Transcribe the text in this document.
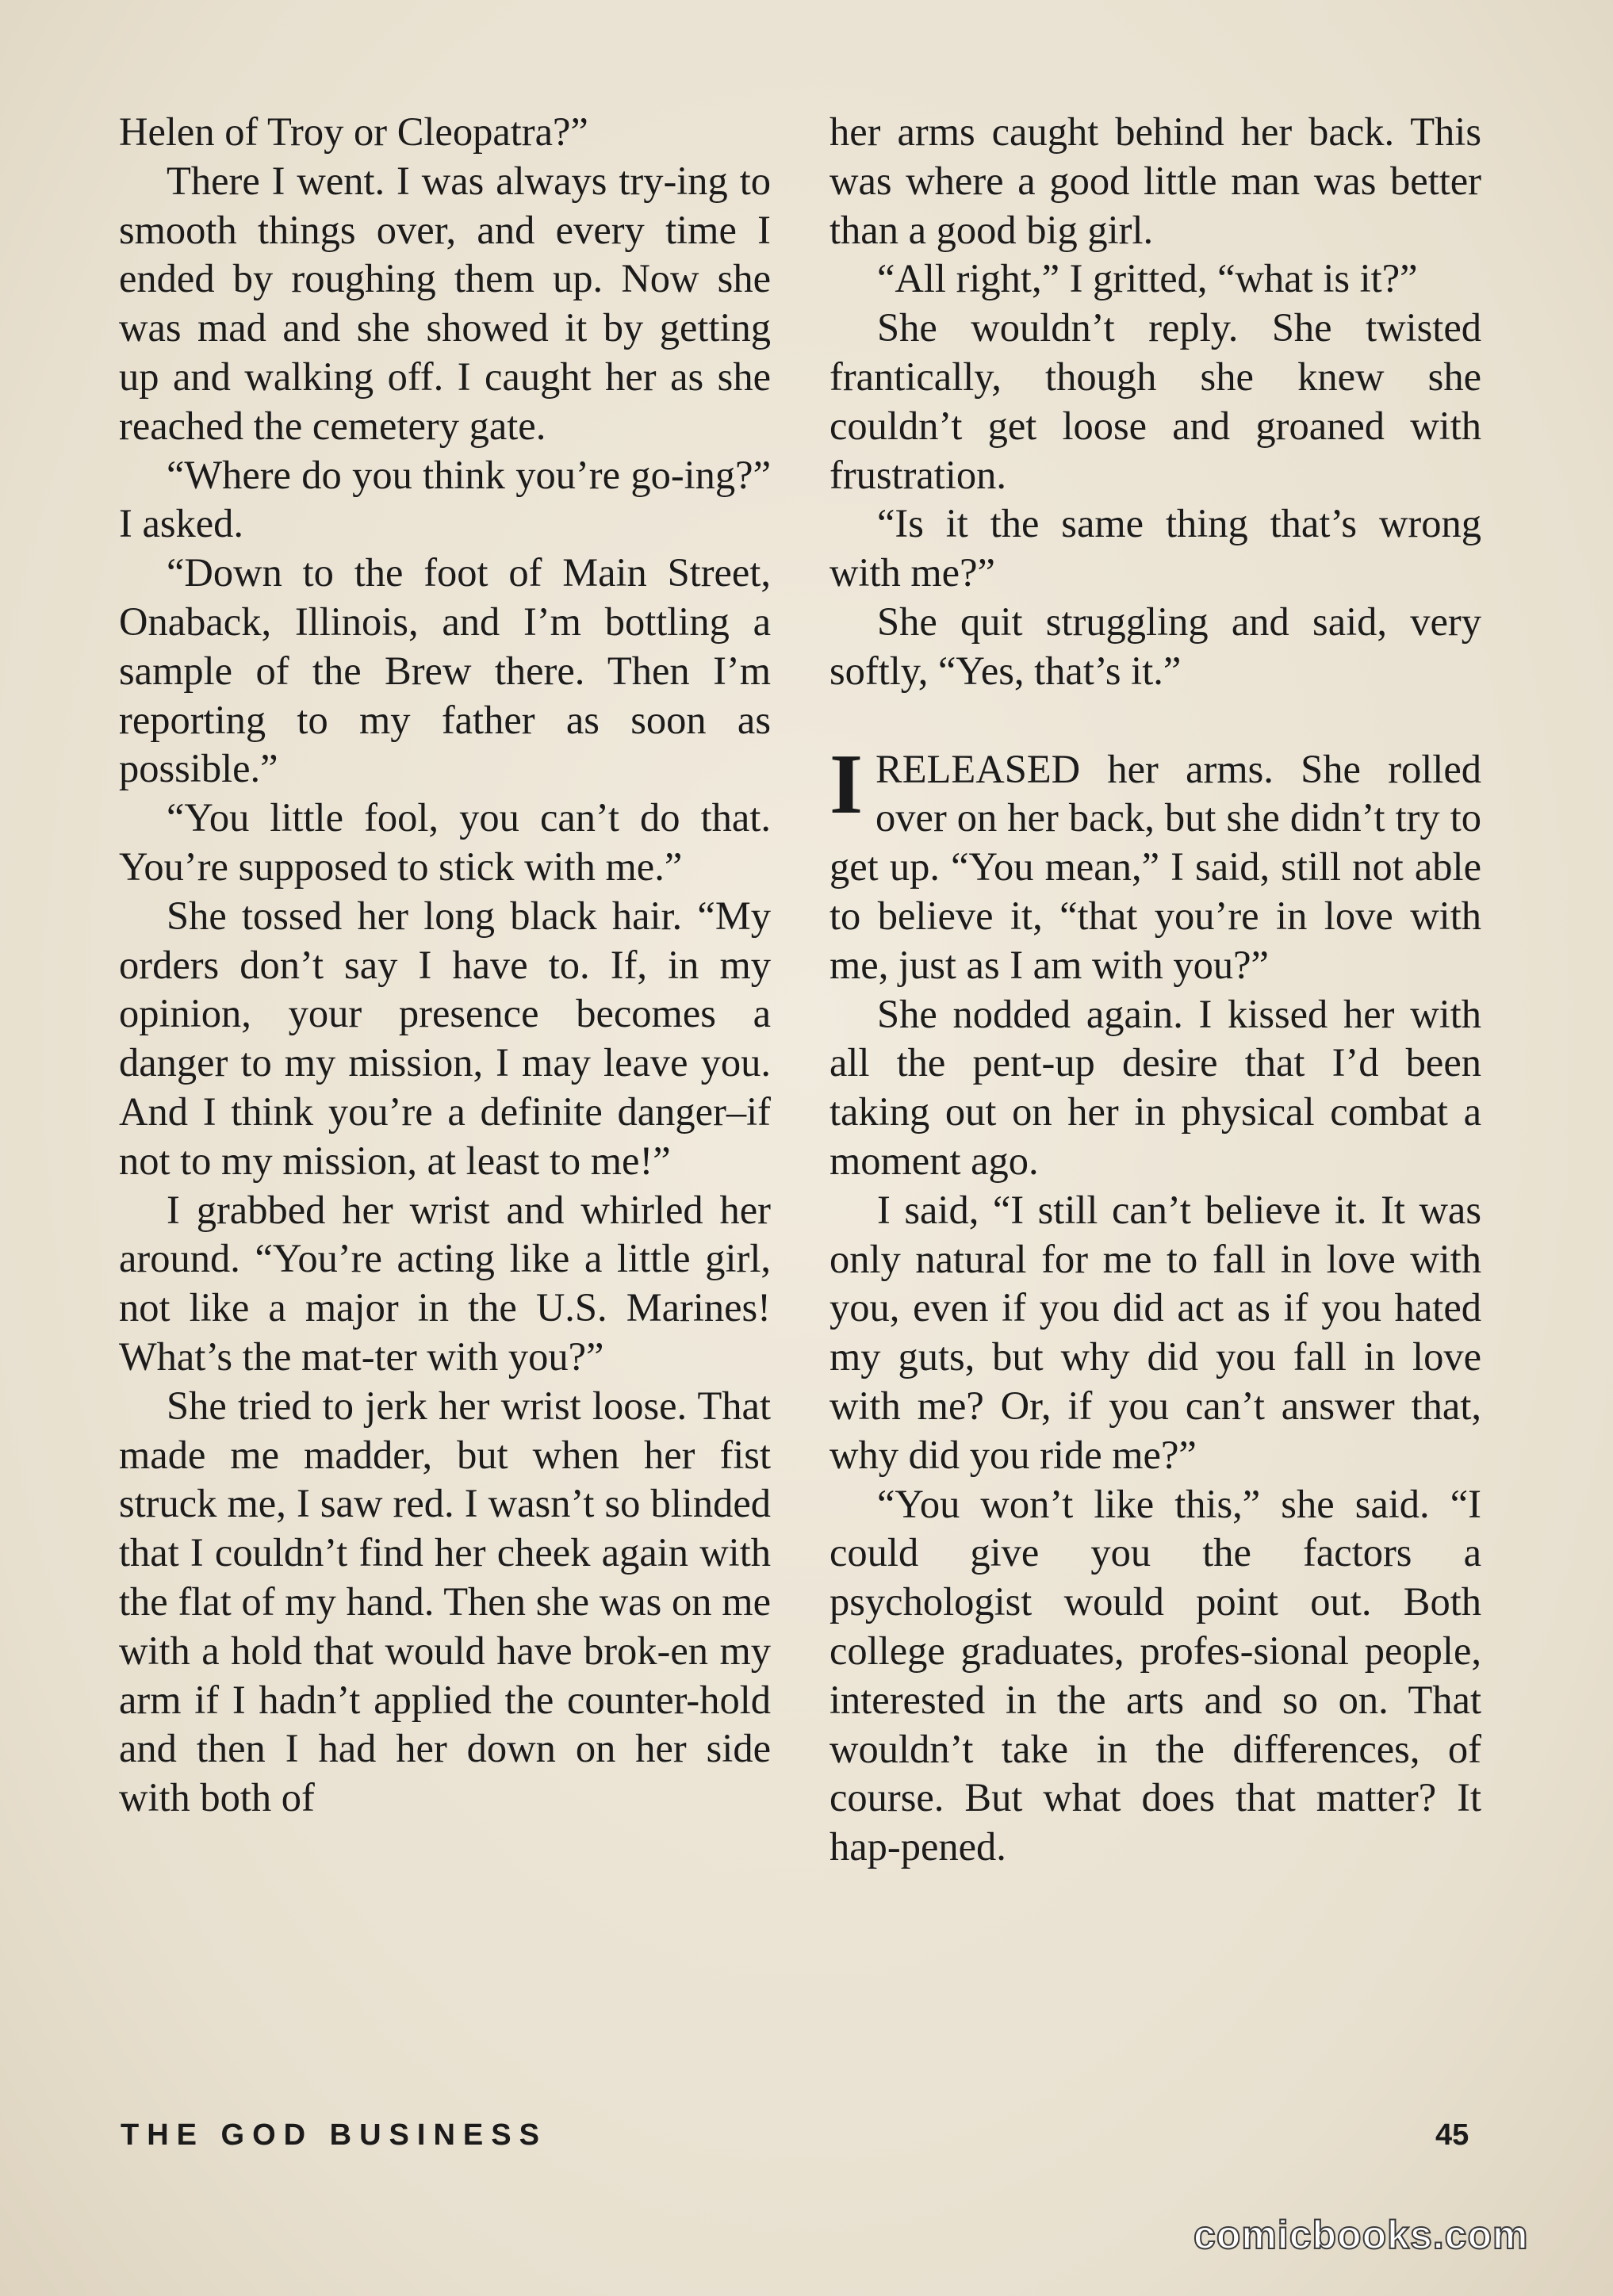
Helen of Troy or Cleopatra?”

There I went. I was always try-ing to smooth things over, and every time I ended by roughing them up. Now she was mad and she showed it by getting up and walking off. I caught her as she reached the cemetery gate.

“Where do you think you’re go-ing?” I asked.

“Down to the foot of Main Street, Onaback, Illinois, and I’m bottling a sample of the Brew there. Then I’m reporting to my father as soon as possible.”

“You little fool, you can’t do that. You’re supposed to stick with me.”

She tossed her long black hair. “My orders don’t say I have to. If, in my opinion, your presence becomes a danger to my mission, I may leave you. And I think you’re a definite danger–if not to my mission, at least to me!”

I grabbed her wrist and whirled her around. “You’re acting like a little girl, not like a major in the U.S. Marines! What’s the mat-ter with you?”

She tried to jerk her wrist loose. That made me madder, but when her fist struck me, I saw red. I wasn’t so blinded that I couldn’t find her cheek again with the flat of my hand. Then she was on me with a hold that would have brok-en my arm if I hadn’t applied the counter-hold and then I had her down on her side with both of

her arms caught behind her back. This was where a good little man was better than a good big girl.

“All right,” I gritted, “what is it?”

She wouldn’t reply. She twisted frantically, though she knew she couldn’t get loose and groaned with frustration.

“Is it the same thing that’s wrong with me?”

She quit struggling and said, very softly, “Yes, that’s it.”

IRELEASED her arms. She rolled over on her back, but she didn’t try to get up. “You mean,” I said, still not able to believe it, “that you’re in love with me, just as I am with you?”

She nodded again. I kissed her with all the pent-up desire that I’d been taking out on her in physical combat a moment ago.

I said, “I still can’t believe it. It was only natural for me to fall in love with you, even if you did act as if you hated my guts, but why did you fall in love with me? Or, if you can’t answer that, why did you ride me?”

“You won’t like this,” she said. “I could give you the factors a psychologist would point out. Both college graduates, profes-sional people, interested in the arts and so on. That wouldn’t take in the differences, of course. But what does that matter? It hap-pened.

THE GOD BUSINESS	45
comicbooks.com
